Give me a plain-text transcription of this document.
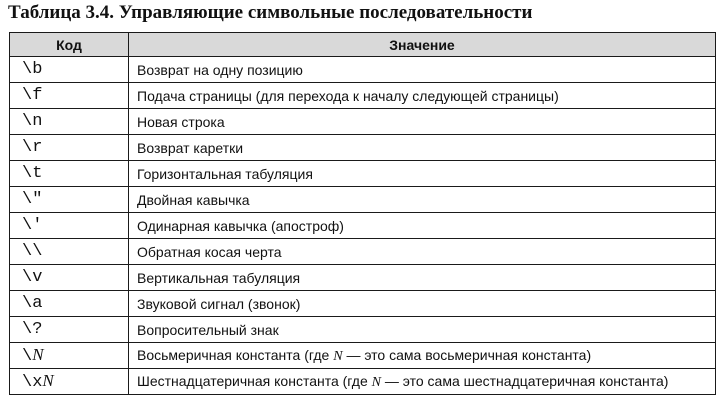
Таблица 3.4. Управляющие символьные последовательности
Код	Значение
\b	Возврат на одну позицию
\f	Подача страницы (для перехода к началу следующей страницы)
\n	Новая строка
\r	Возврат каретки
\t	Горизонтальная табуляция
\"	Двойная кавычка
\'	Одинарная кавычка (апостроф)
\\	Обратная косая черта
\v	Вертикальная табуляция
\a	Звуковой сигнал (звонок)
\?	Вопросительный знак
\N	Восьмеричная константа (где N — это сама восьмеричная константа)
\xN	Шестнадцатеричная константа (где N — это сама шестнадцатеричная константа)
